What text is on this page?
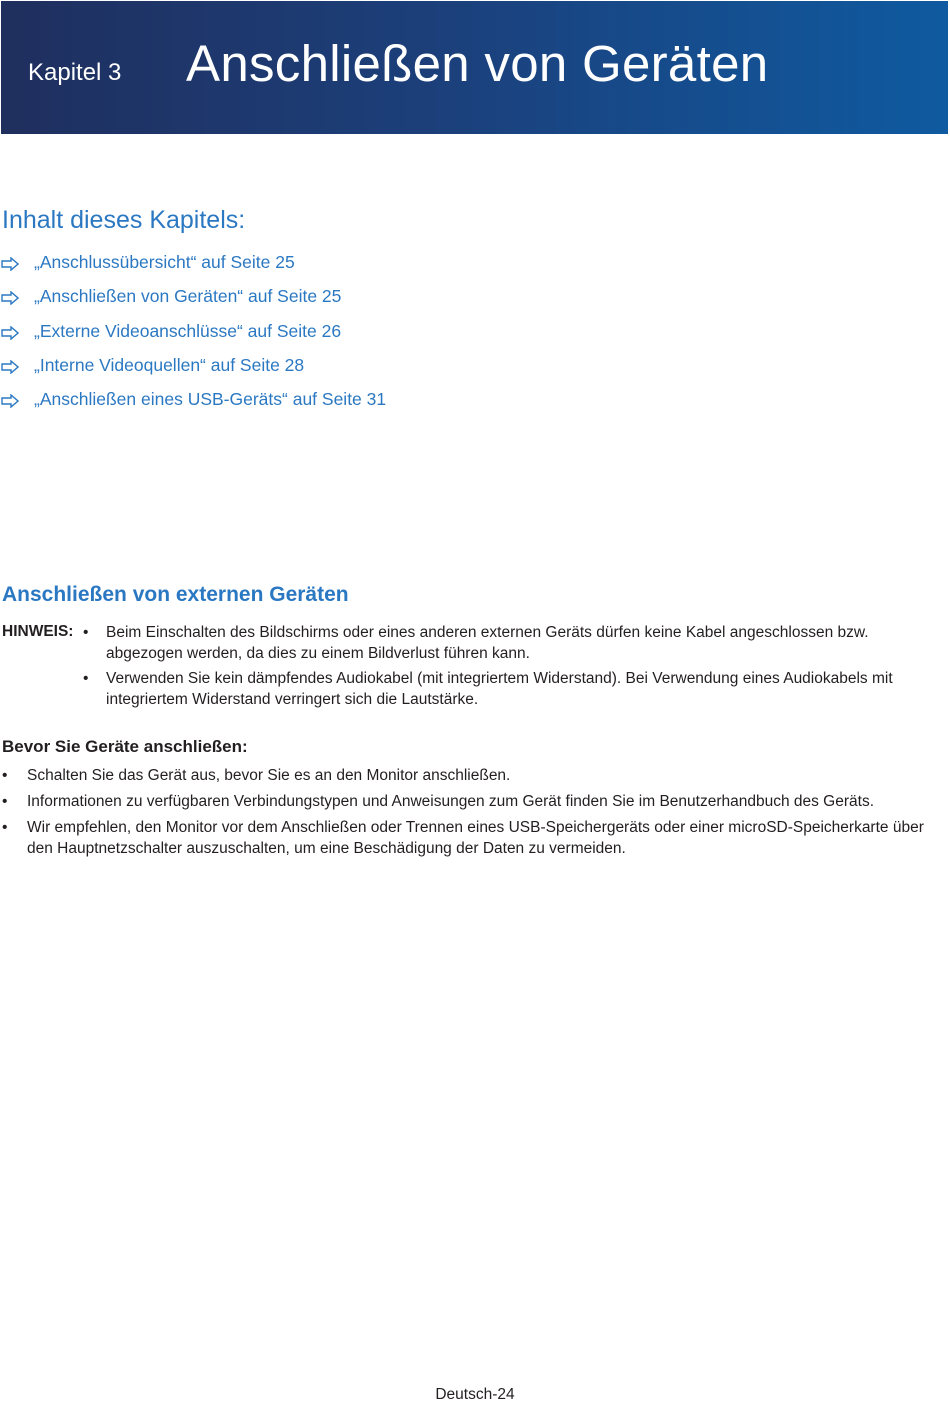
Kapitel 3 Anschließen von Geräten
Inhalt dieses Kapitels:
„Anschlussübersicht“ auf Seite 25
„Anschließen von Geräten“ auf Seite 25
„Externe Videoanschlüsse“ auf Seite 26
„Interne Videoquellen“ auf Seite 28
„Anschließen eines USB-Geräts“ auf Seite 31
Anschließen von externen Geräten
HINWEIS: • Beim Einschalten des Bildschirms oder eines anderen externen Geräts dürfen keine Kabel angeschlossen bzw. abgezogen werden, da dies zu einem Bildverlust führen kann.
• Verwenden Sie kein dämpfendes Audiokabel (mit integriertem Widerstand). Bei Verwendung eines Audiokabels mit integriertem Widerstand verringert sich die Lautstärke.
Bevor Sie Geräte anschließen:
• Schalten Sie das Gerät aus, bevor Sie es an den Monitor anschließen.
• Informationen zu verfügbaren Verbindungstypen und Anweisungen zum Gerät finden Sie im Benutzerhandbuch des Geräts.
• Wir empfehlen, den Monitor vor dem Anschließen oder Trennen eines USB-Speichergeräts oder einer microSD-Speicherkarte über den Hauptnetzschalter auszuschalten, um eine Beschädigung der Daten zu vermeiden.
Deutsch-24
